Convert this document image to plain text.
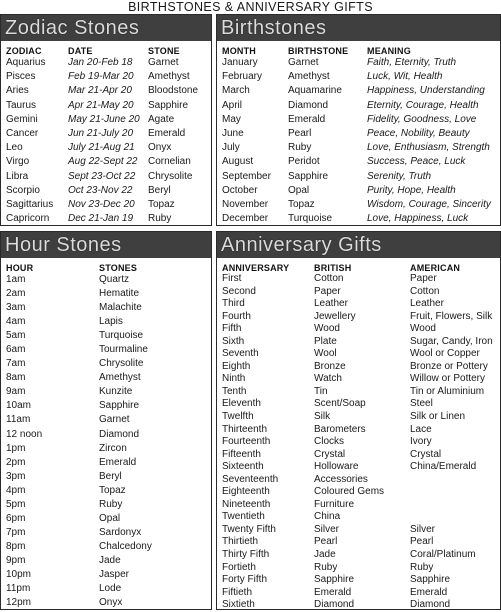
BIRTHSTONES & ANNIVERSARY GIFTS
Zodiac Stones
ZODIAC	DATE	STONE
Aquarius Jan 20-Feb 18 Garnet
Pisces	Feb 19-Mar 20 Amethyst
Aries	Mar 21-Apr 20 Bloodstone
Taurus	Apr 21-May 20 Sapphire
Gemini	May 21-June 20 Agate
Cancer	Jun 21-July 20 Emerald
Leo	July 21-Aug 21 Onyx
Virgo	Aug 22-Sept 22 Cornelian
Libra	Sept 23-Oct 22 Chrysolite
Scorpio	Oct 23-Nov 22 Beryl
Sagittarius Nov 23-Dec 20 Topaz
Capricorn Dec 21-Jan 19 Ruby
Birthstones
MONTH	BIRTHSTONE MEANING
January	Garnet	Faith, Eternity, Truth
February	Amethyst	Luck, Wit, Health
March	Aquamarine	Happiness, Understanding
April	Diamond	Eternity, Courage, Health
May	Emerald	Fidelity, Goodness, Love
June	Pearl	Peace, Nobility, Beauty
July	Ruby	Love, Enthusiasm, Strength
August	Peridot	Success, Peace, Luck
September Sapphire	Serenity, Truth
October	Opal	Purity, Hope, Health
November Topaz	Wisdom, Courage, Sincerity
December Turquoise	Love, Happiness, Luck
Hour Stones
HOUR	STONES
1am	Quartz
2am	Hematite
3am	Malachite
4am	Lapis
5am	Turquoise
6am	Tourmaline
7am	Chrysolite
8am	Amethyst
9am	Kunzite
10am	Sapphire
11am	Garnet
12 noon	Diamond
1pm	Zircon
2pm	Emerald
3pm	Beryl
4pm	Topaz
5pm	Ruby
6pm	Opal
7pm	Sardonyx
8pm	Chalcedony
9pm	Jade
10pm	Jasper
11pm	Lode
12pm	Onyx
Anniversary Gifts
ANNIVERSARY	BRITISH	AMERICAN
First	Cotton	Paper
Second	Paper	Cotton
Third	Leather	Leather
Fourth	Jewellery	Fruit, Flowers, Silk
Fifth	Wood	Wood
Sixth	Plate	Sugar, Candy, Iron
Seventh	Wool	Wool or Copper
Eighth	Bronze	Bronze or Pottery
Ninth	Watch	Willow or Pottery
Tenth	Tin	Tin or Aluminium
Eleventh	Scent/Soap	Steel
Twelfth	Silk	Silk or Linen
Thirteenth	Barometers	Lace
Fourteenth	Clocks	Ivory
Fifteenth	Crystal	Crystal
Sixteenth	Holloware	China/Emerald
Seventeenth	Accessories
Eighteenth	Coloured Gems
Nineteenth	Furniture
Twentieth	China
Twenty Fifth	Silver	Silver
Thirtieth	Pearl	Pearl
Thirty Fifth	Jade	Coral/Platinum
Fortieth	Ruby	Ruby
Forty Fifth	Sapphire	Sapphire
Fiftieth	Emerald	Emerald
Sixtieth	Diamond	Diamond
